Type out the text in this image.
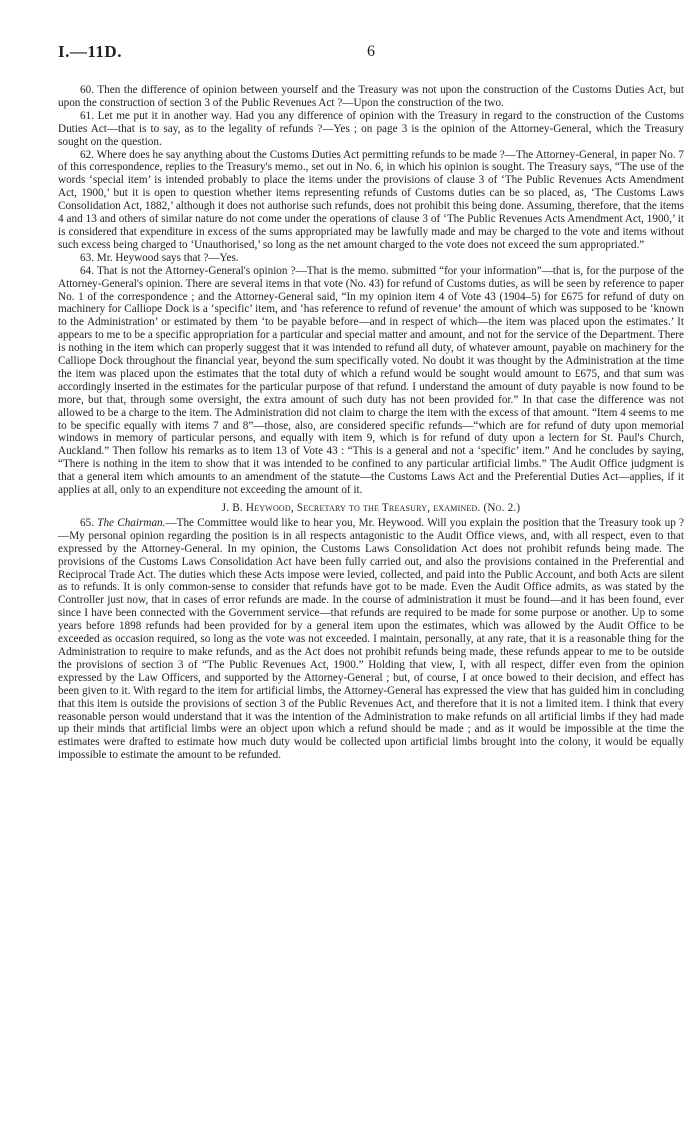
I.—11D.	6

60. Then the difference of opinion between yourself and the Treasury was not upon the construction of the Customs Duties Act, but upon the construction of section 3 of the Public Revenues Act ?—Upon the construction of the two.

61. Let me put it in another way. Had you any difference of opinion with the Treasury in regard to the construction of the Customs Duties Act—that is to say, as to the legality of refunds ?—Yes ; on page 3 is the opinion of the Attorney-General, which the Treasury sought on the question.

62. Where does he say anything about the Customs Duties Act permitting refunds to be made ?—The Attorney-General, in paper No. 7 of this correspondence, replies to the Treasury's memo., set out in No. 6, in which his opinion is sought. The Treasury says, “The use of the words ‘special item’ is intended probably to place the items under the provisions of clause 3 of ‘The Public Revenues Acts Amendment Act, 1900,’ but it is open to question whether items representing refunds of Customs duties can be so placed, as, ‘The Customs Laws Consolidation Act, 1882,’ although it does not authorise such refunds, does not prohibit this being done. Assuming, therefore, that the items 4 and 13 and others of similar nature do not come under the operations of clause 3 of ‘The Public Revenues Acts Amendment Act, 1900,’ it is considered that expenditure in excess of the sums appropriated may be lawfully made and may be charged to the vote and items without such excess being charged to ‘Unauthorised,’ so long as the net amount charged to the vote does not exceed the sum appropriated.”

63. Mr. Heywood says that ?—Yes.

64. That is not the Attorney-General's opinion ?—That is the memo. submitted “for your information”—that is, for the purpose of the Attorney-General's opinion. There are several items in that vote (No. 43) for refund of Customs duties, as will be seen by reference to paper No. 1 of the correspondence ; and the Attorney-General said, “In my opinion item 4 of Vote 43 (1904–5) for £675 for refund of duty on machinery for Calliope Dock is a ‘specific’ item, and ‘has reference to refund of revenue’ the amount of which was supposed to be ‘known to the Administration’ or estimated by them ‘to be payable before—and in respect of which—the item was placed upon the estimates.’ It appears to me to be a specific appropriation for a particular and special matter and amount, and not for the service of the Department. There is nothing in the item which can properly suggest that it was intended to refund all duty, of whatever amount, payable on machinery for the Calliope Dock throughout the financial year, beyond the sum specifically voted. No doubt it was thought by the Administration at the time the item was placed upon the estimates that the total duty of which a refund would be sought would amount to £675, and that sum was accordingly inserted in the estimates for the particular purpose of that refund. I understand the amount of duty payable is now found to be more, but that, through some oversight, the extra amount of such duty has not been provided for.” In that case the difference was not allowed to be a charge to the item. The Administration did not claim to charge the item with the excess of that amount. “Item 4 seems to me to be specific equally with items 7 and 8”—those, also, are considered specific refunds—“which are for refund of duty upon memorial windows in memory of particular persons, and equally with item 9, which is for refund of duty upon a lectern for St. Paul's Church, Auckland.” Then follow his remarks as to item 13 of Vote 43 : “This is a general and not a ‘specific’ item.” And he concludes by saying, “There is nothing in the item to show that it was intended to be confined to any particular artificial limbs.” The Audit Office judgment is that a general item which amounts to an amendment of the statute—the Customs Laws Act and the Preferential Duties Act—applies, if it applies at all, only to an expenditure not exceeding the amount of it.

J. B. Heywood, Secretary to the Treasury, examined. (No. 2.)

65. The Chairman.—The Committee would like to hear you, Mr. Heywood. Will you explain the position that the Treasury took up ?—My personal opinion regarding the position is in all respects antagonistic to the Audit Office views, and, with all respect, even to that expressed by the Attorney-General. In my opinion, the Customs Laws Consolidation Act does not prohibit refunds being made. The provisions of the Customs Laws Consolidation Act have been fully carried out, and also the provisions contained in the Preferential and Reciprocal Trade Act. The duties which these Acts impose were levied, collected, and paid into the Public Account, and both Acts are silent as to refunds. It is only common-sense to consider that refunds have got to be made. Even the Audit Office admits, as was stated by the Controller just now, that in cases of error refunds are made. In the course of administration it must be found—and it has been found, ever since I have been connected with the Government service—that refunds are required to be made for some purpose or another. Up to some years before 1898 refunds had been provided for by a general item upon the estimates, which was allowed by the Audit Office to be exceeded as occasion required, so long as the vote was not exceeded. I maintain, personally, at any rate, that it is a reasonable thing for the Administration to require to make refunds, and as the Act does not prohibit refunds being made, these refunds appear to me to be outside the provisions of section 3 of “The Public Revenues Act, 1900.” Holding that view, I, with all respect, differ even from the opinion expressed by the Law Officers, and supported by the Attorney-General ; but, of course, I at once bowed to their decision, and effect has been given to it. With regard to the item for artificial limbs, the Attorney-General has expressed the view that has guided him in concluding that this item is outside the provisions of section 3 of the Public Revenues Act, and therefore that it is not a limited item. I think that every reasonable person would understand that it was the intention of the Administration to make refunds on all artificial limbs if they had made up their minds that artificial limbs were an object upon which a refund should be made ; and as it would be impossible at the time the estimates were drafted to estimate how much duty would be collected upon artificial limbs brought into the colony, it would be equally impossible to estimate the amount to be refunded.
